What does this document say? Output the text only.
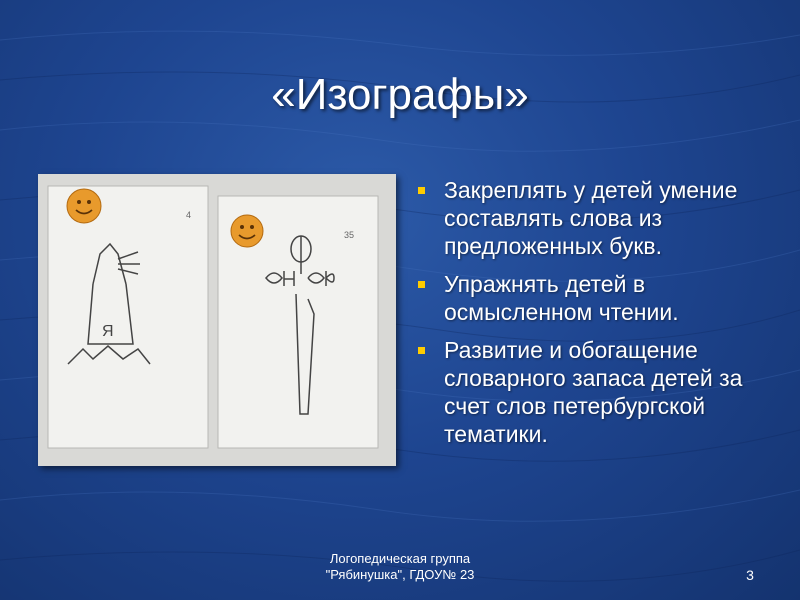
«Изографы»
4
Я
35
Закреплять у детей умение составлять слова из предложенных букв.
Упражнять детей в осмысленном чтении.
Развитие и обогащение словарного запаса детей за счет слов петербургской тематики.
Логопедическая группа
"Рябинушка", ГДОУ№ 23	3
